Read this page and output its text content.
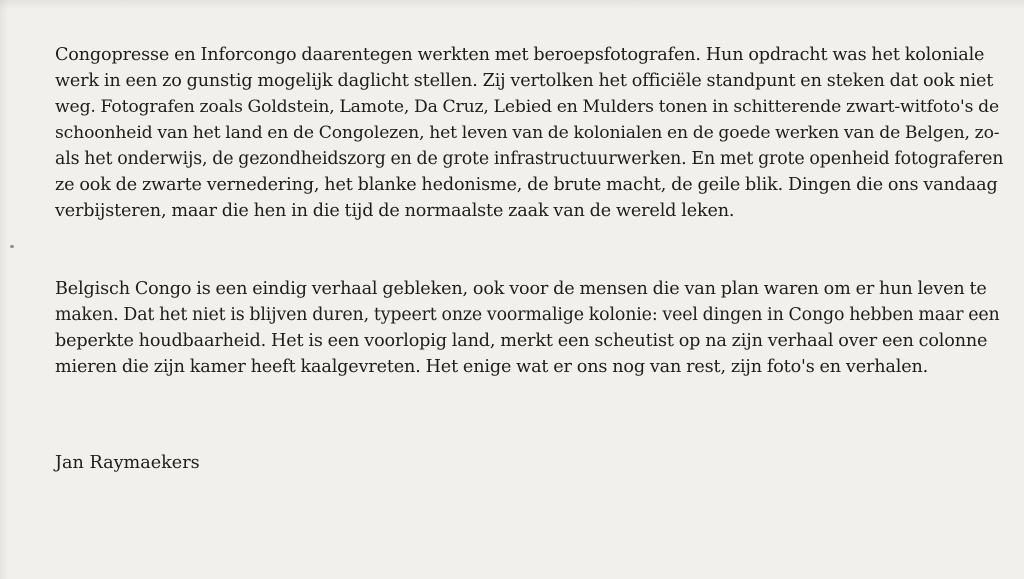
Congopresse en Inforcongo daarentegen werkten met beroepsfotografen. Hun opdracht was het koloniale
werk in een zo gunstig mogelijk daglicht stellen. Zij vertolken het officiële standpunt en steken dat ook niet
weg. Fotografen zoals Goldstein, Lamote, Da Cruz, Lebied en Mulders tonen in schitterende zwart-witfoto's de
schoonheid van het land en de Congolezen, het leven van de kolonialen en de goede werken van de Belgen, zo-
als het onderwijs, de gezondheidszorg en de grote infrastructuurwerken. En met grote openheid fotograferen
ze ook de zwarte vernedering, het blanke hedonisme, de brute macht, de geile blik. Dingen die ons vandaag
verbijsteren, maar die hen in die tijd de normaalste zaak van de wereld leken.
Belgisch Congo is een eindig verhaal gebleken, ook voor de mensen die van plan waren om er hun leven te
maken. Dat het niet is blijven duren, typeert onze voormalige kolonie: veel dingen in Congo hebben maar een
beperkte houdbaarheid. Het is een voorlopig land, merkt een scheutist op na zijn verhaal over een colonne
mieren die zijn kamer heeft kaalgevreten. Het enige wat er ons nog van rest, zijn foto's en verhalen.
Jan Raymaekers
